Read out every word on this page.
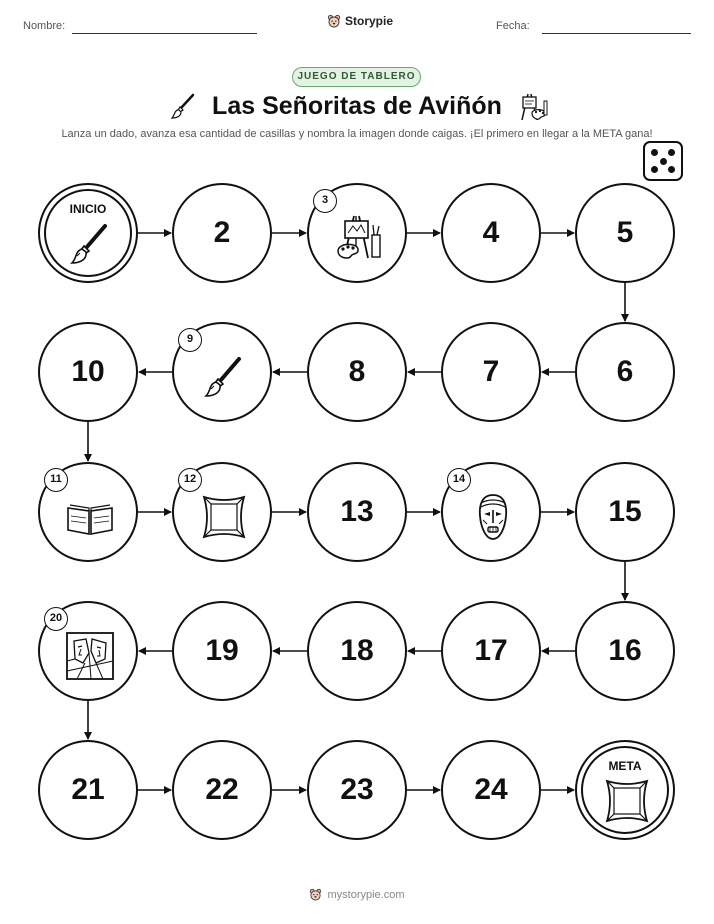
Nombre:	Storypie	Fecha:
JUEGO DE TABLERO
Las Señoritas de Aviñón
Lanza un dado, avanza esa cantidad de casillas y nombra la imagen donde caigas. ¡El primero en llegar a la META gana!
INICIO
2
3
4	5
6
7
8
9
10
11	12
13
14
15
16
17
18
19
20
21	22	23	24
META
mystorypie.com
